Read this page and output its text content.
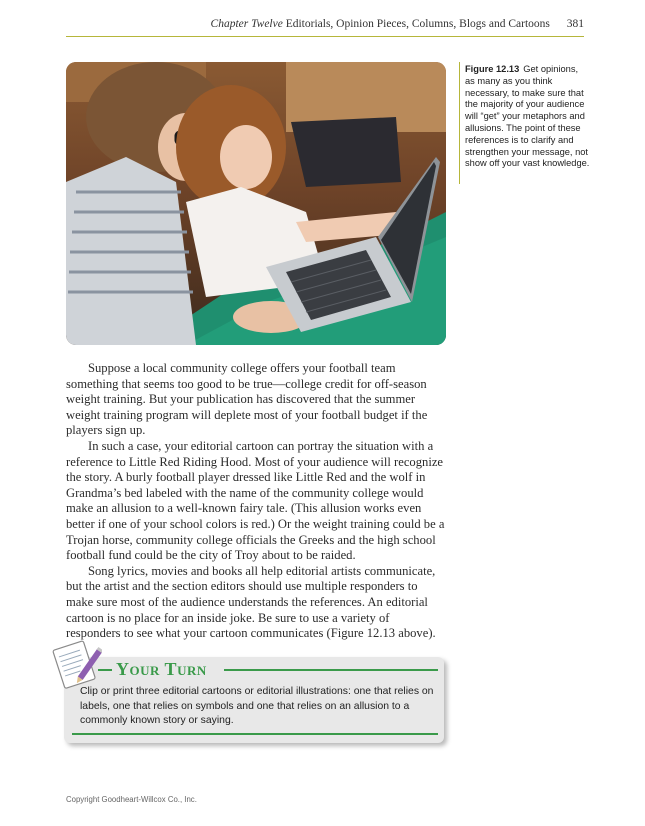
Chapter Twelve Editorials, Opinion Pieces, Columns, Blogs and Cartoons 381
Figure 12.13 Get opinions, as many as you think necessary, to make sure that the majority of your audience will “get” your metaphors and allusions. The point of these references is to clarify and strengthen your message, not show off your vast knowledge.

Suppose a local community college offers your football team something that seems too good to be true—college credit for off-season weight training. But your publication has discovered that the summer weight training program will deplete most of your football budget if the players sign up.

In such a case, your editorial cartoon can portray the situation with a reference to Little Red Riding Hood. Most of your audience will recognize the story. A burly football player dressed like Little Red and the wolf in Grandma’s bed labeled with the name of the community college would make an allusion to a well-known fairy tale. (This allusion works even better if one of your school colors is red.) Or the weight training could be a Trojan horse, community college officials the Greeks and the high school football fund could be the city of Troy about to be raided.

Song lyrics, movies and books all help editorial artists communicate, but the artist and the section editors should use multiple responders to make sure most of the audience understands the references. An editorial cartoon is no place for an inside joke. Be sure to use a variety of responders to see what your cartoon communicates (Figure 12.13 above).

Your Turn
Clip or print three editorial cartoons or editorial illustrations: one that relies on labels, one that relies on symbols and one that relies on an allusion to a commonly known story or saying.
Copyright Goodheart-Willcox Co., Inc.
